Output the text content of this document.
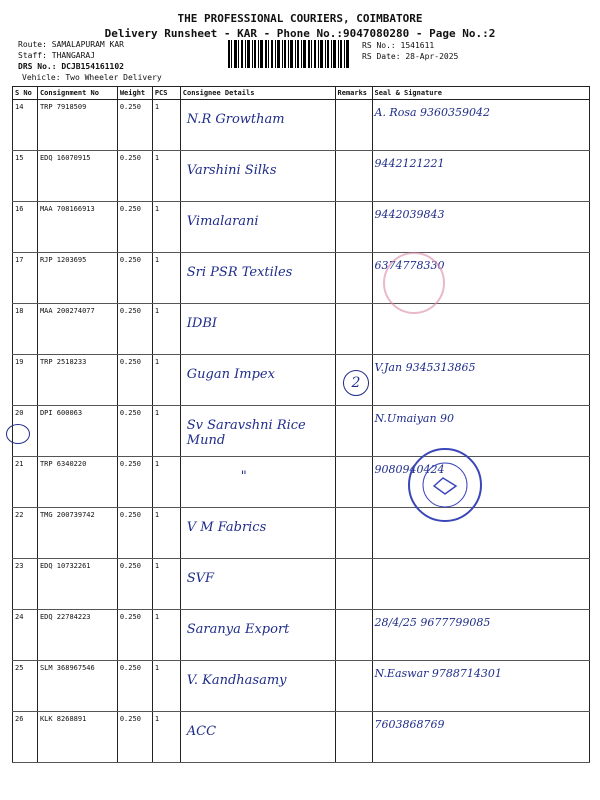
THE PROFESSIONAL COURIERS, COIMBATORE
Delivery Runsheet - KAR - Phone No.:9047080280 - Page No.:2
Route: SAMALAPURAM KAR
Staff: THANGARAJ
DRS No.: DCJB154161102
Vehicle: Two Wheeler Delivery
RS No.: 1541611
RS Date: 28-Apr-2025
S No	Consignment No	Weight	PCS	Consignee Details	Remarks	Seal & Signature
14	TRP 7918509	0.250	1	N.R Growtham		A. Rosa 9360359042
15	EDQ 16070915	0.250	1	Varshini Silks		9442121221
16	MAA 708166913	0.250	1	Vimalarani		9442039843
17	RJP 1203695	0.250	1	Sri PSR Textiles		6374778330
18	MAA 200274077	0.250	1	IDBI		
19	TRP 2518233	0.250	1	Gugan Impex		V.Jan 9345313865
20	DPI 600063	0.250	1	Sv Saravshni Rice Mund		N.Umaiyan 90
21	TRP 6340220	0.250	1	"		9080940424
22	TMG 200739742	0.250	1	V M Fabrics		
23	EDQ 10732261	0.250	1	SVF		
24	EDQ 22784223	0.250	1	Saranya Export		28/4/25 9677799085
25	SLM 368967546	0.250	1	V. Kandhasamy		N.Easwar 9788714301
26	KLK 8268891	0.250	1	ACC		7603868769
2
